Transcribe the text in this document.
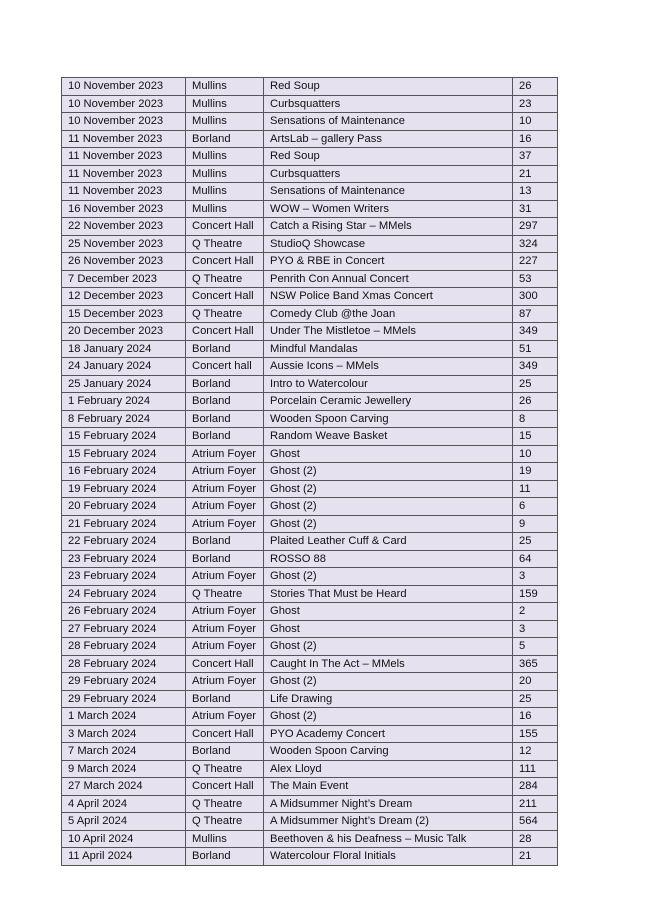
10 November 2023	Mullins	Red Soup	26
10 November 2023	Mullins	Curbsquatters	23
10 November 2023	Mullins	Sensations of Maintenance	10
11 November 2023	Borland	ArtsLab – gallery Pass	16
11 November 2023	Mullins	Red Soup	37
11 November 2023	Mullins	Curbsquatters	21
11 November 2023	Mullins	Sensations of Maintenance	13
16 November 2023	Mullins	WOW – Women Writers	31
22 November 2023	Concert Hall	Catch a Rising Star – MMels	297
25 November 2023	Q Theatre	StudioQ Showcase	324
26 November 2023	Concert Hall	PYO & RBE in Concert	227
7 December 2023	Q Theatre	Penrith Con Annual Concert	53
12 December 2023	Concert Hall	NSW Police Band Xmas Concert	300
15 December 2023	Q Theatre	Comedy Club @the Joan	87
20 December 2023	Concert Hall	Under The Mistletoe – MMels	349
18 January 2024	Borland	Mindful Mandalas	51
24 January 2024	Concert hall	Aussie Icons – MMels	349
25 January 2024	Borland	Intro to Watercolour	25
1 February 2024	Borland	Porcelain Ceramic Jewellery	26
8 February 2024	Borland	Wooden Spoon Carving	8
15 February 2024	Borland	Random Weave Basket	15
15 February 2024	Atrium Foyer	Ghost	10
16 February 2024	Atrium Foyer	Ghost (2)	19
19 February 2024	Atrium Foyer	Ghost (2)	11
20 February 2024	Atrium Foyer	Ghost (2)	6
21 February 2024	Atrium Foyer	Ghost (2)	9
22 February 2024	Borland	Plaited Leather Cuff & Card	25
23 February 2024	Borland	ROSSO 88	64
23 February 2024	Atrium Foyer	Ghost (2)	3
24 February 2024	Q Theatre	Stories That Must be Heard	159
26 February 2024	Atrium Foyer	Ghost	2
27 February 2024	Atrium Foyer	Ghost	3
28 February 2024	Atrium Foyer	Ghost (2)	5
28 February 2024	Concert Hall	Caught In The Act – MMels	365
29 February 2024	Atrium Foyer	Ghost (2)	20
29 February 2024	Borland	Life Drawing	25
1 March 2024	Atrium Foyer	Ghost (2)	16
3 March 2024	Concert Hall	PYO Academy Concert	155
7 March 2024	Borland	Wooden Spoon Carving	12
9 March 2024	Q Theatre	Alex Lloyd	111
27 March 2024	Concert Hall	The Main Event	284
4 April 2024	Q Theatre	A Midsummer Night’s Dream	211
5 April 2024	Q Theatre	A Midsummer Night’s Dream (2)	564
10 April 2024	Mullins	Beethoven & his Deafness – Music Talk	28
11 April 2024	Borland	Watercolour Floral Initials	21
